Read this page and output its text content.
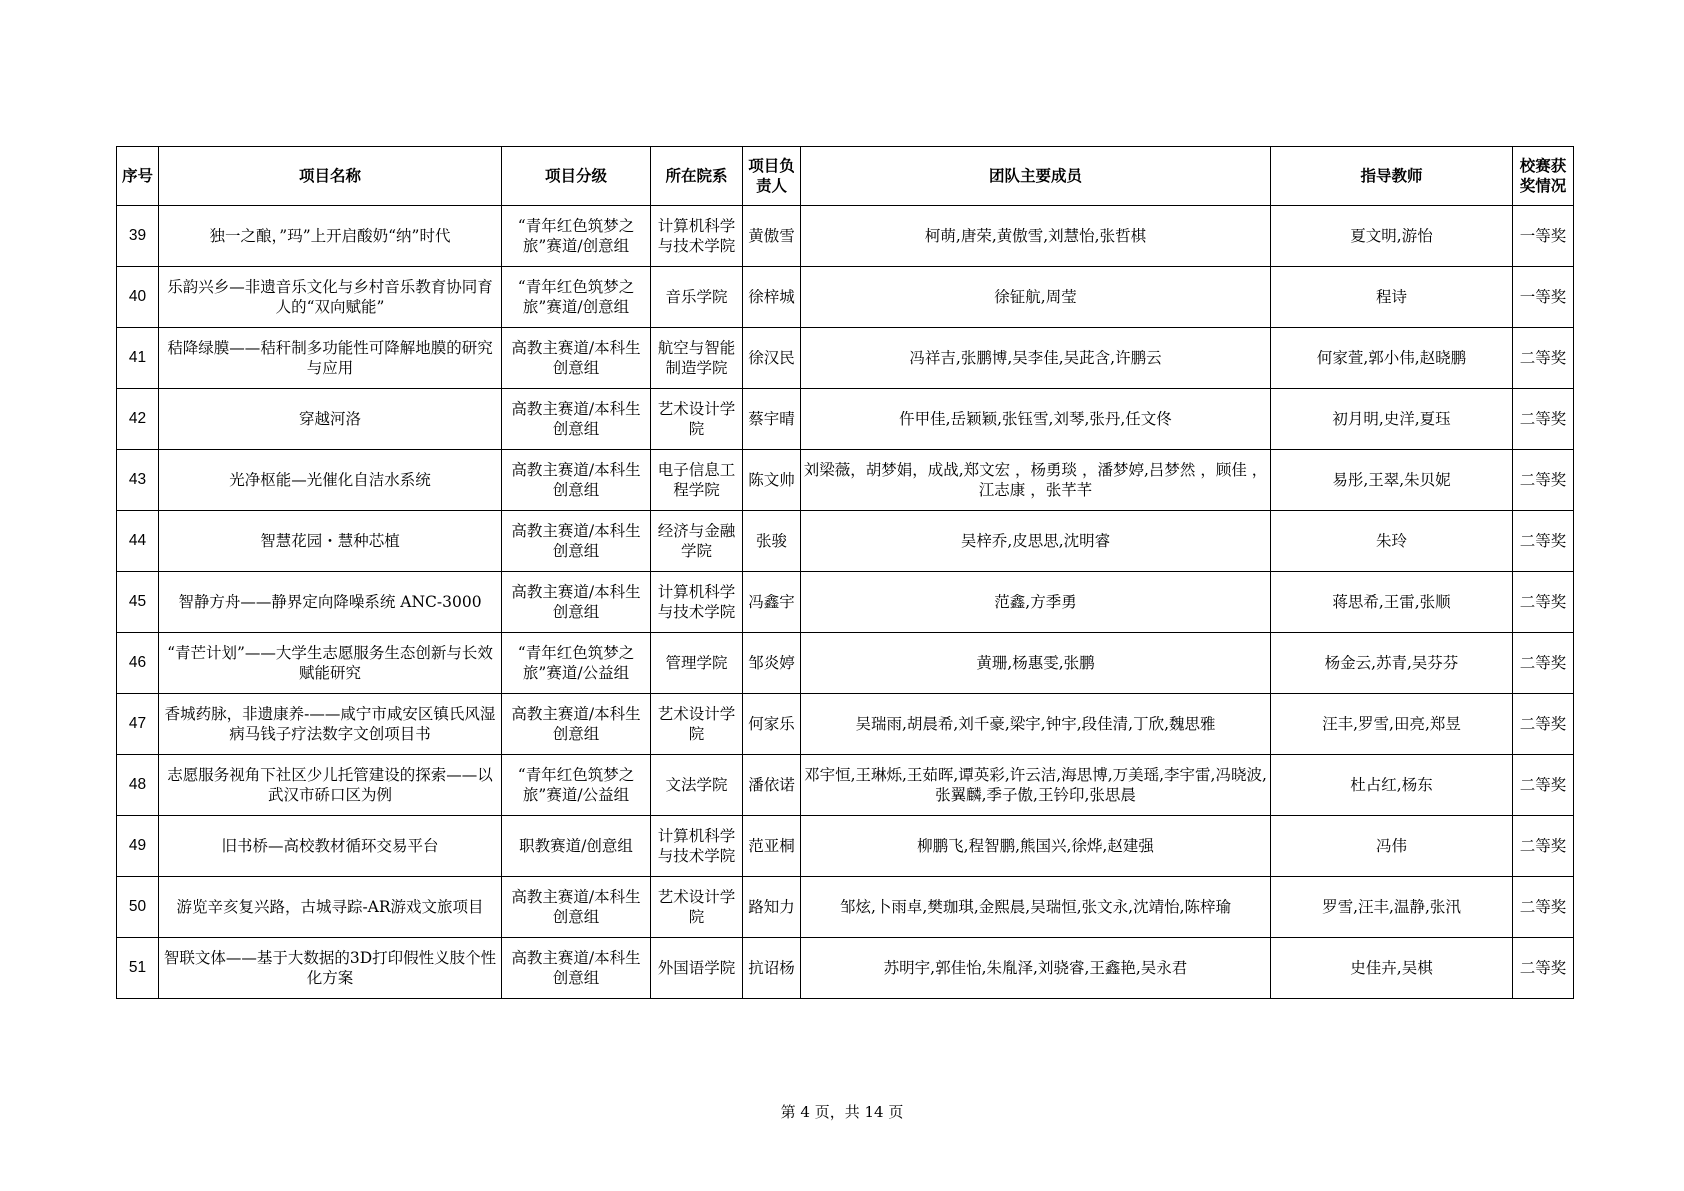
序号	项目名称	项目分级	所在院系	项目负责人	团队主要成员	指导教师	校赛获奖情况
39	独一之酿，”玛”上开启酸奶“纳”时代	“青年红色筑梦之旅”赛道/创意组	计算机科学与技术学院	黄傲雪	柯萌,唐荣,黄傲雪,刘慧怡,张哲棋	夏文明,游怡	一等奖
40	乐韵兴乡—非遗音乐文化与乡村音乐教育协同育人的“双向赋能”	“青年红色筑梦之旅”赛道/创意组	音乐学院	徐梓城	徐钲航,周莹	程诗	一等奖
41	秸降绿膜——秸秆制多功能性可降解地膜的研究与应用	高教主赛道/本科生创意组	航空与智能制造学院	徐汉民	冯祥吉,张鹏博,吴李佳,吴茈含,许鹏云	何家萱,郭小伟,赵晓鹏	二等奖
42	穿越河洛	高教主赛道/本科生创意组	艺术设计学院	蔡宇晴	仵甲佳,岳颖颖,张钰雪,刘琴,张丹,任文佟	初月明,史洋,夏珏	二等奖
43	光净枢能—光催化自洁水系统	高教主赛道/本科生创意组	电子信息工程学院	陈文帅	刘梁薇，胡梦娟，成战,郑文宏 ，杨勇琰 ，潘梦婷,吕梦然 ，顾佳 ，江志康 ，张芊芊	易彤,王翠,朱贝妮	二等奖
44	智慧花园・慧种芯植	高教主赛道/本科生创意组	经济与金融学院	张骏	吴梓乔,皮思思,沈明睿	朱玲	二等奖
45	智静方舟——静界定向降噪系统 ANC-3000	高教主赛道/本科生创意组	计算机科学与技术学院	冯鑫宇	范鑫,方季勇	蒋思希,王雷,张顺	二等奖
46	“青芒计划”——大学生志愿服务生态创新与长效赋能研究	“青年红色筑梦之旅”赛道/公益组	管理学院	邹炎婷	黄珊,杨惠雯,张鹏	杨金云,苏青,吴芬芬	二等奖
47	香城药脉，非遗康养-——咸宁市咸安区镇氏风湿病马钱子疗法数字文创项目书	高教主赛道/本科生创意组	艺术设计学院	何家乐	吴瑞雨,胡晨希,刘千豪,梁宇,钟宇,段佳清,丁欣,魏思雅	汪丰,罗雪,田亮,郑昱	二等奖
48	志愿服务视角下社区少儿托管建设的探索——以武汉市硚口区为例	“青年红色筑梦之旅”赛道/公益组	文法学院	潘依诺	邓宇恒,王琳烁,王茹晖,谭英彩,许云洁,海思博,万美瑶,李宇雷,冯晓波,张翼麟,季子傲,王钤印,张思晨	杜占红,杨东	二等奖
49	旧书桥—高校教材循环交易平台	职教赛道/创意组	计算机科学与技术学院	范亚桐	柳鹏飞,程智鹏,熊国兴,徐烨,赵建强	冯伟	二等奖
50	游览辛亥复兴路，古城寻踪-AR游戏文旅项目	高教主赛道/本科生创意组	艺术设计学院	路知力	邹炫,卜雨卓,樊珈琪,金熙晨,吴瑞恒,张文永,沈靖怡,陈梓瑜	罗雪,汪丰,温静,张汛	二等奖
51	智联文体——基于大数据的3D打印假性义肢个性化方案	高教主赛道/本科生创意组	外国语学院	抗诏杨	苏明宇,郭佳怡,朱胤泽,刘骁睿,王鑫艳,吴永君	史佳卉,吴棋	二等奖
第 4 页，共 14 页
